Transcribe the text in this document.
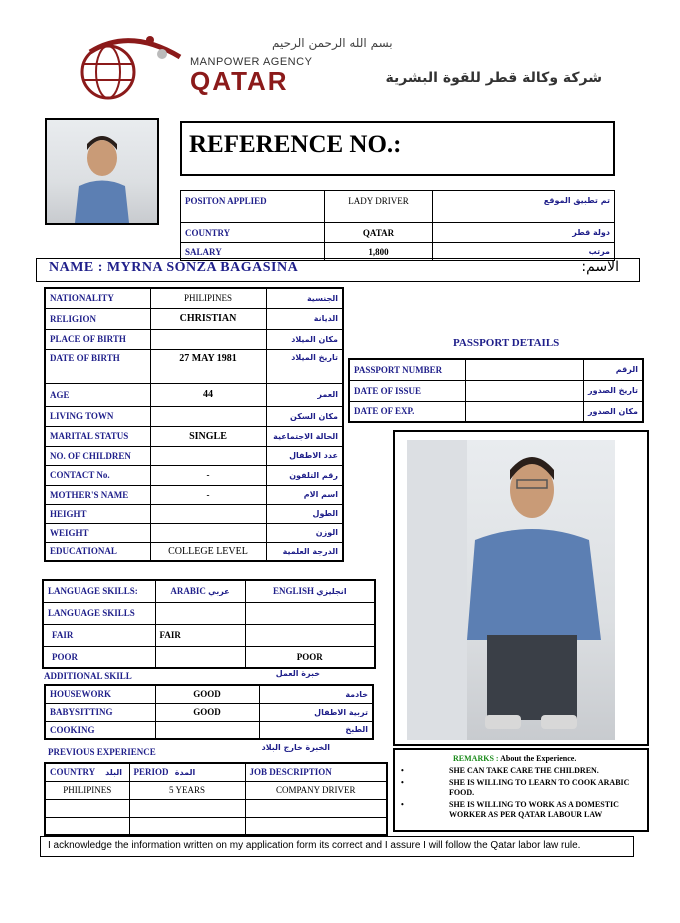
بسم الله الرحمن الرحيم
MANPOWER AGENCY
QATAR	شركة وكالة قطر للقوة البشرية
REFERENCE NO.:
POSITON APPLIED	LADY DRIVER	تم تطبيق الموقع
COUNTRY	QATAR	دولة قطر
SALARY	1,800	مرتب
NAME : MYRNA SONZA BAGASINA	الاسم:
NATIONALITY	PHILIPINES	الجنسية
RELIGION	CHRISTIAN	الديانة
PLACE OF BIRTH		مكان الميلاد
DATE OF BIRTH	27 MAY 1981	تاريخ الميلاد
AGE	44	العمر
LIVING TOWN		مكان السكن
MARITAL STATUS	SINGLE	الحالة الاجتماعية
NO. OF CHILDREN		عدد الاطفال
CONTACT No.	-	رقم التلفون
MOTHER'S NAME	-	اسم الام
HEIGHT		الطول
WEIGHT		الوزن
EDUCATIONAL	COLLEGE LEVEL	الدرجة العلمية
PASSPORT DETAILS
PASSPORT NUMBER		الرقم
DATE OF ISSUE		تاريخ الصدور
DATE OF EXP.		مكان الصدور
LANGUAGE SKILLS:	ARABIC عربي	ENGLISH انجليزي
LANGUAGE SKILLS		
FAIR	FAIR	
POOR		POOR
ADDITIONAL SKILL	خبرة العمل
HOUSEWORK	GOOD	خادمة
BABYSITTING	GOOD	تربية الاطفال
COOKING		الطبخ
PREVIOUS EXPERIENCE	الخبرة خارج البلاد
COUNTRY البلد	PERIOD المدة	JOB DESCRIPTION
PHILIPINES	5 YEARS	COMPANY DRIVER

REMARKS : About the Experience.
•	SHE CAN TAKE CARE THE CHILDREN.
•	SHE IS WILLING TO LEARN TO COOK ARABIC FOOD.
•	SHE IS WILLING TO WORK AS A DOMESTIC WORKER AS PER QATAR LABOUR LAW
I acknowledge the information written on my application form its correct and I assure I will follow the Qatar labor law rule.
